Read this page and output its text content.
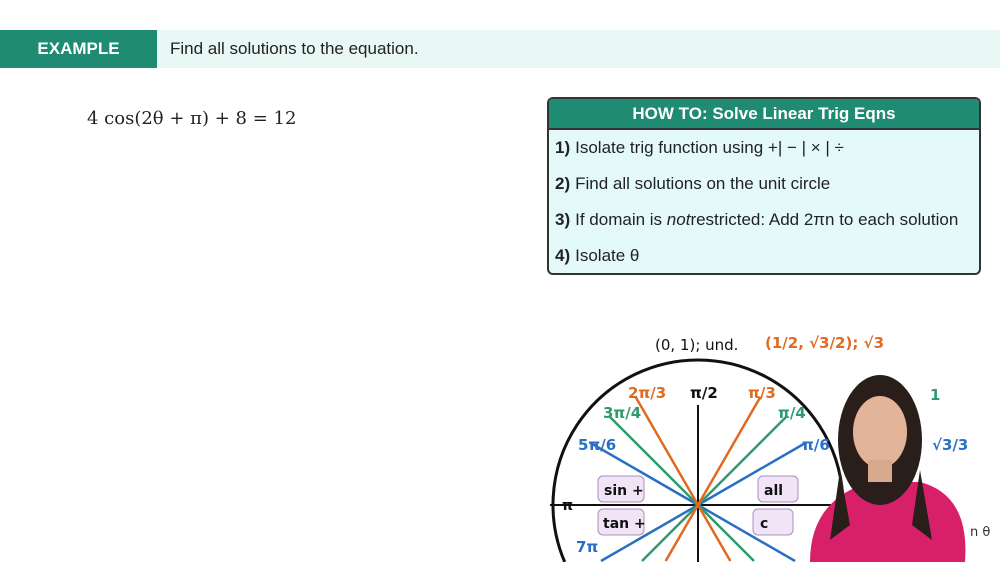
EXAMPLE	Find all solutions to the equation.
4 cos(2θ + π) + 8 = 12	HOW TO: Solve Linear Trig Eqns
1) Isolate trig function using +| − | × | ÷
2) Find all solutions on the unit circle
3) If domain is
not restricted: Add 2πn to each solution
4) Isolate θ
(0, 1); und. (1/2, √3/2); √3
π/2
π
2π/3
3π/4
5π/6
π/3
π/4
π/6
7π
sin +
tan +
all
c
√3/3
1
n θ
